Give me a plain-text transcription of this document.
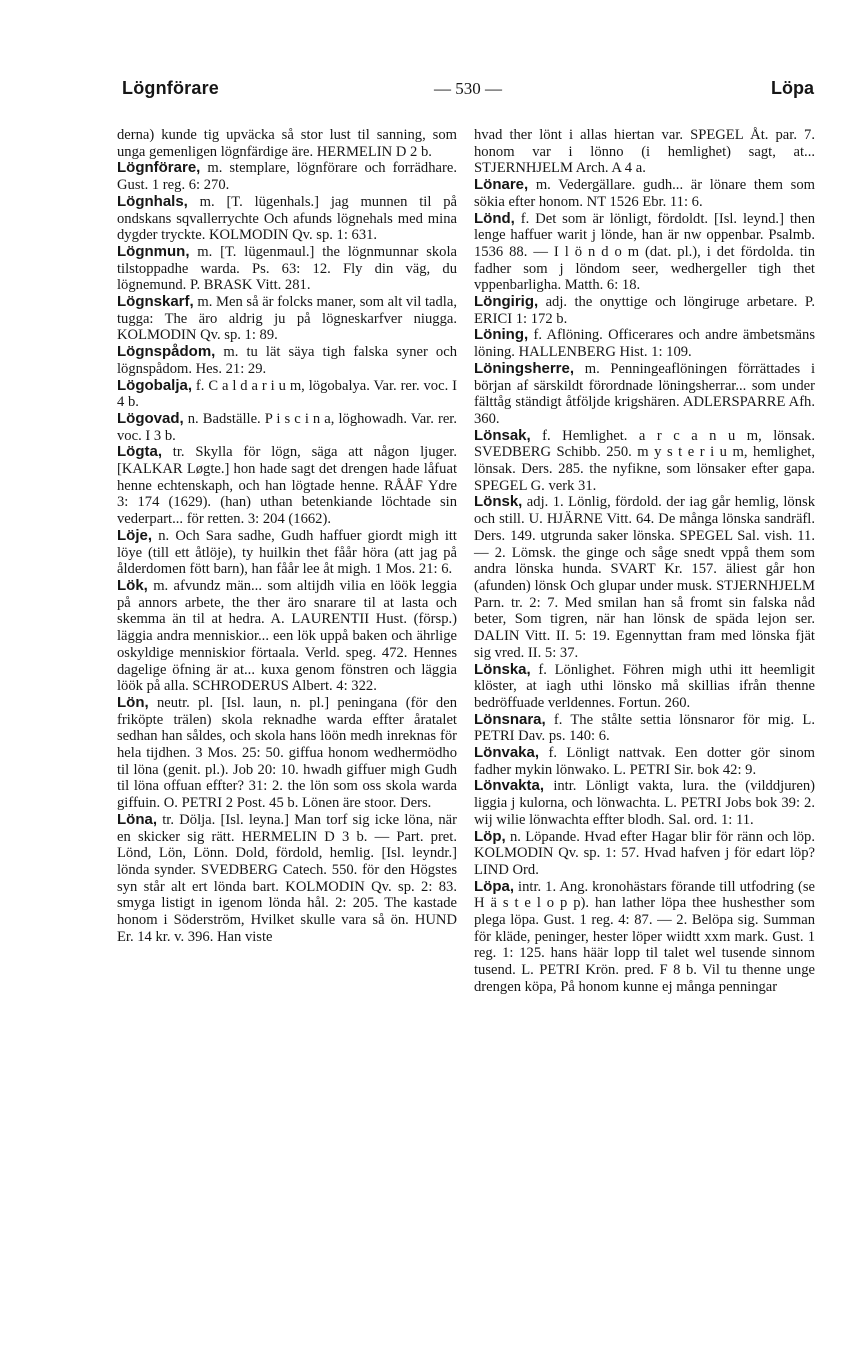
Lögnförare	— 530 —	Löpa

derna) kunde tig upväcka så stor lust til sanning, som unga gemenligen lögnfärdige äre. HERMELIN D 2 b.

Lögnförare, m. stemplare, lögnförare och forrädhare. Gust. 1 reg. 6: 270.

Lögnhals, m. [T. lügenhals.] jag munnen til på ondskans sqvallerrychte Och afunds lögnehals med mina dygder tryckte. KOLMODIN Qv. sp. 1: 631.

Lögnmun, m. [T. lügenmaul.] the lögnmunnar skola tilstoppadhe warda. Ps. 63: 12. Fly din väg, du lögnemund. P. BRASK Vitt. 281.

Lögnskarf, m. Men så är folcks maner, som alt vil tadla, tugga: The äro aldrig ju på lögneskarfver niugga. KOLMODIN Qv. sp. 1: 89.

Lögnspådom, m. tu lät säya tigh falska syner och lögnspådom. Hes. 21: 29.

Lögobalja, f. C a l d a r i u m, lögobalya. Var. rer. voc. I 4 b.

Lögovad, n. Badställe. P i s c i n a, löghowadh. Var. rer. voc. I 3 b.

Lögta, tr. Skylla för lögn, säga att någon ljuger. [KALKAR Løgte.] hon hade sagt det drengen hade låfuat henne echtenskaph, och han lögtade henne. RÅÅF Ydre 3: 174 (1629). (han) uthan betenkiande löchtade sin vederpart... för retten. 3: 204 (1662).

Löje, n. Och Sara sadhe, Gudh haffuer giordt migh itt löye (till ett åtlöje), ty huilkin thet fåår höra (att jag på ålderdomen fött barn), han fåår lee åt migh. 1 Mos. 21: 6.

Lök, m. afvundz män... som altijdh vilia en löök leggia på annors arbete, the ther äro snarare til at lasta och skemma än til at hedra. A. LAURENTII Hust. (försp.) läggia andra menniskior... een lök uppå baken och ährlige oskyldige menniskior förtaala. Verld. speg. 472. Hennes dagelige öfning är at... kuxa genom fönstren och läggia löök på alla. SCHRODERUS Albert. 4: 322.

Lön, neutr. pl. [Isl. laun, n. pl.] peningana (för den friköpte trälen) skola reknadhe warda effter åratalet sedhan han såldes, och skola hans löön medh inreknas för hela tijdhen. 3 Mos. 25: 50. giffua honom wedhermödho til löna (genit. pl.). Job 20: 10. hwadh giffuer migh Gudh til löna offuan effter? 31: 2. the lön som oss skola warda giffuin. O. PETRI 2 Post. 45 b. Lönen äre stoor. Ders.

Löna, tr. Dölja. [Isl. leyna.] Man torf sig icke löna, när en skicker sig rätt. HERMELIN D 3 b. — Part. pret. Lönd, Lön, Lönn. Dold, fördold, hemlig. [Isl. leyndr.] lönda synder. SVEDBERG Catech. 550. för den Högstes syn står alt ert lönda bart. KOLMODIN Qv. sp. 2: 83. smyga listigt in igenom lönda hål. 2: 205. The kastade honom i Söderström, Hvilket skulle vara så ön. HUND Er. 14 kr. v. 396. Han viste

hvad ther lönt i allas hiertan var. SPEGEL Åt. par. 7. honom var i lönno (i hemlighet) sagt, at... STJERNHJELM Arch. A 4 a.

Lönare, m. Vedergällare. gudh... är lönare them som sökia efter honom. NT 1526 Ebr. 11: 6.

Lönd, f. Det som är lönligt, fördoldt. [Isl. leynd.] then lenge haffuer warit j lönde, han är nw oppenbar. Psalmb. 1536 88. — I l ö n d o m (dat. pl.), i det fördolda. tin fadher som j löndom seer, wedhergeller tigh thet vppenbarligha. Matth. 6: 18.

Löngirig, adj. the onyttige och löngiruge arbetare. P. ERICI 1: 172 b.

Löning, f. Aflöning. Officerares och andre ämbetsmäns löning. HALLENBERG Hist. 1: 109.

Löningsherre, m. Penningeaflöningen förrättades i början af särskildt förordnade löningsherrar... som under fälttåg ständigt åtföljde krigshären. ADLERSPARRE Afh. 360.

Lönsak, f. Hemlighet. a r c a n u m, lönsak. SVEDBERG Schibb. 250. m y s t e r i u m, hemlighet, lönsak. Ders. 285. the nyfikne, som lönsaker efter gapa. SPEGEL G. verk 31.

Lönsk, adj. 1. Lönlig, fördold. der iag går hemlig, lönsk och still. U. HJÄRNE Vitt. 64. De många lönska sandräfl. Ders. 149. utgrunda saker lönska. SPEGEL Sal. vish. 11. — 2. Lömsk. the ginge och såge snedt vppå them som andra lönska hunda. SVART Kr. 157. äliest går hon (afunden) lönsk Och glupar under musk. STJERNHJELM Parn. tr. 2: 7. Med smilan han så fromt sin falska nåd beter, Som tigren, när han lönsk de späda lejon ser. DALIN Vitt. II. 5: 19. Egennyttan fram med lönska fjät sig vred. II. 5: 37.

Lönska, f. Lönlighet. Föhren migh uthi itt heemligit klöster, at iagh uthi lönsko må skillias ifrån thenne bedröffuade verldennes. Fortun. 260.

Lönsnara, f. The stålte settia lönsnaror för mig. L. PETRI Dav. ps. 140: 6.

Lönvaka, f. Lönligt nattvak. Een dotter gör sinom fadher mykin lönwako. L. PETRI Sir. bok 42: 9.

Lönvakta, intr. Lönligt vakta, lura. the (vilddjuren) liggia j kulorna, och lönwachta. L. PETRI Jobs bok 39: 2. wij wilie lönwachta effter blodh. Sal. ord. 1: 11.

Löp, n. Löpande. Hvad efter Hagar blir för ränn och löp. KOLMODIN Qv. sp. 1: 57. Hvad hafven j för edart löp? LIND Ord.

Löpa, intr. 1. Ang. kronohästars förande till utfodring (se H ä s t e l o p p). han lather löpa thee hushesther som plega löpa. Gust. 1 reg. 4: 87. — 2. Belöpa sig. Summan för kläde, peninger, hester löper wiidtt xxm mark. Gust. 1 reg. 1: 125. hans häär lopp til talet wel tusende sinnom tusend. L. PETRI Krön. pred. F 8 b. Vil tu thenne unge drengen köpa, På honom kunne ej många penningar
